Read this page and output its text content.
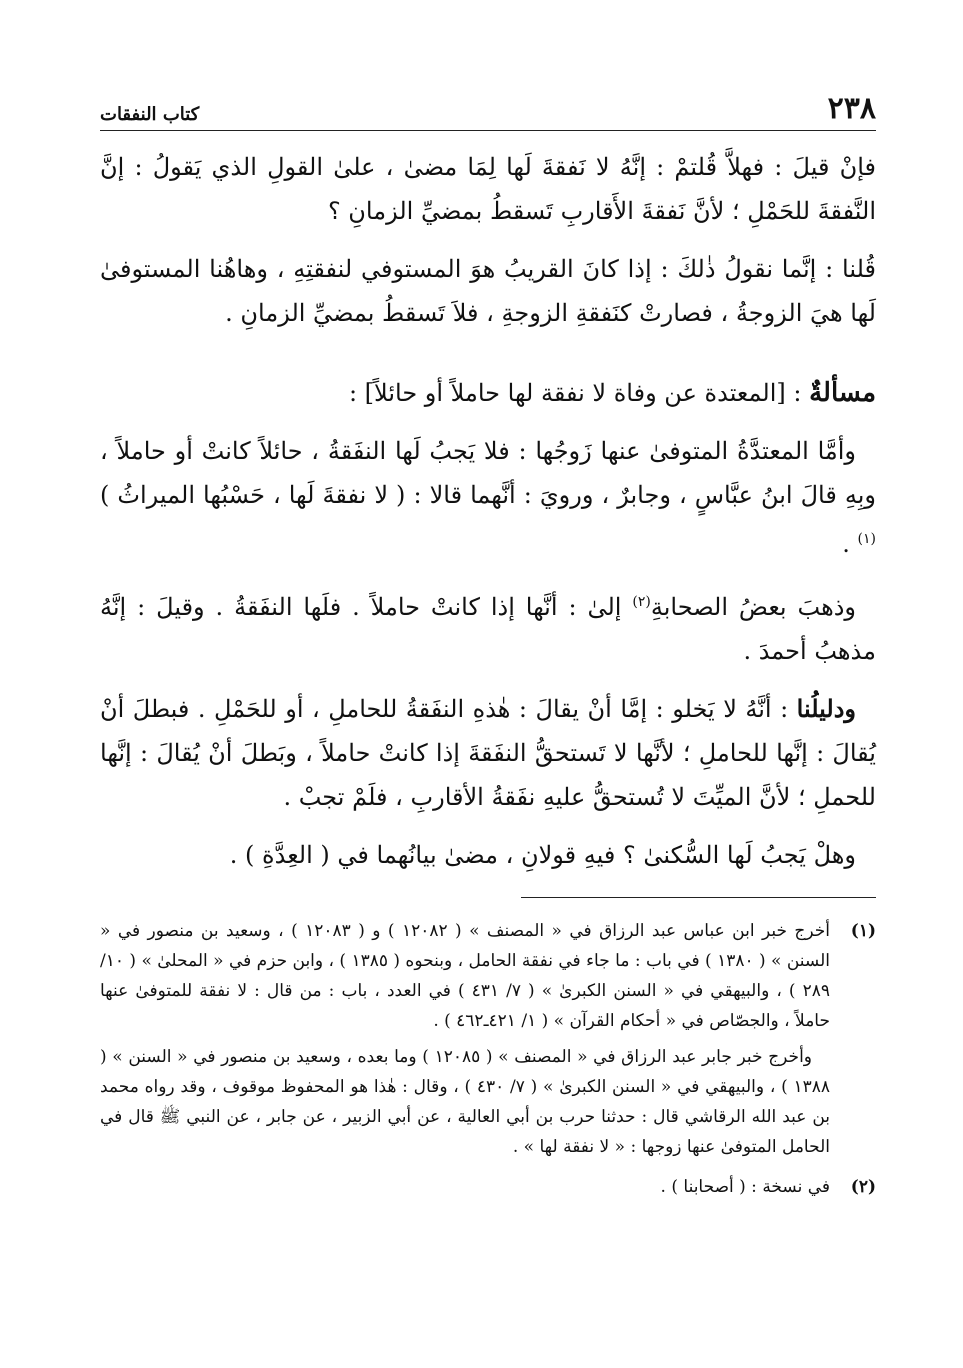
٢٣٨
كتاب النفقات

فإنْ قيلَ : فهلاَّ قُلتمْ : إنَّهُ لا نَفقةَ لَها لِمَا مضىٰ ، علىٰ القولِ الذي يَقولُ : إنَّ النَّفقةَ للحَمْلِ ؛ لأنَّ نَفقةَ الأَقاربِ تَسقطُ بمضيِّ الزمانِ ؟

قُلنا : إنَّما نقولُ ذٰلكَ : إذا كانَ القريبُ هوَ المستوفي لنفقتِهِ ، وهاهُنا المستوفىٰ لَها هيَ الزوجةُ ، فصارتْ كنَفقةِ الزوجةِ ، فلاَ تَسقطُ بمضيِّ الزمانِ .

مسألةٌ : [المعتدة عن وفاة لا نفقة لها حاملاً أو حائلاً] :

وأمَّا المعتدَّةُ المتوفىٰ عنها زَوجُها : فلا يَجبُ لَها النفَقةُ ، حائلاً كانتْ أو حاملاً ، وبِهِ قالَ ابنُ عبَّاسٍ ، وجابرٌ ، ورويَ : أنَّهما قالا : ( لا نفقةَ لَها ، حَسْبُها الميراثُ )$^{(١)}$ .

وذهبَ بعضُ الصحابةِ$^{(٢)}$ إلىٰ : أنَّها إذا كانتْ حاملاً . فلَها النفَقةُ . وقيلَ : إنَّهُ مذهبُ أحمدَ .

ودليلُنا : أنَّهُ لا يَخلو : إمَّا أنْ يقالَ : هٰذهِ النفَقةُ للحاملِ ، أو للحَمْلِ . فبطلَ أنْ يُقالَ : إنَّها للحاملِ ؛ لأنَّها لا تَستحقُّ النفَقةَ إذا كانتْ حاملاً ، وبَطلَ أنْ يُقالَ : إنَّها للحملِ ؛ لأنَّ الميِّتَ لا تُستحقُّ عليهِ نفَقةُ الأقاربِ ، فلَمْ تجبْ .

وهلْ يَجبُ لَها السُّكنىٰ ؟ فيهِ قولانِ ، مضىٰ بيانُهما في ( العِدَّةِ ) .

(١)

أخرج خبر ابن عباس عبد الرزاق في « المصنف » ( ١٢٠٨٢ ) و ( ١٢٠٨٣ ) ، وسعيد بن منصور في « السنن » ( ١٣٨٠ ) في باب : ما جاء في نفقة الحامل ، وبنحوه ( ١٣٨٥ ) ، وابن حزم في « المحلىٰ » ( ١٠/ ٢٨٩ ) ، والبيهقي في « السنن الكبرىٰ » ( ٧/ ٤٣١ ) في العدد ، باب : من قال : لا نفقة للمتوفىٰ عنها حاملاً ، والجصّاص في « أحكام القرآن » ( ١/ ٤٢١ـ٤٦٢ ) .

وأخرج خبر جابر عبد الرزاق في « المصنف » ( ١٢٠٨٥ ) وما بعده ، وسعيد بن منصور في « السنن » ( ١٣٨٨ ) ، والبيهقي في « السنن الكبرىٰ » ( ٧/ ٤٣٠ ) ، وقال : هٰذا هو المحفوظ موقوف ، وقد رواه محمد بن عبد الله الرقاشي قال : حدثنا حرب بن أبي العالية ، عن أبي الزبير ، عن جابر ، عن النبي ﷺ قال في الحامل المتوفىٰ عنها زوجها : « لا نفقة لها » .

(٢)

في نسخة : ( أصحابنا ) .
